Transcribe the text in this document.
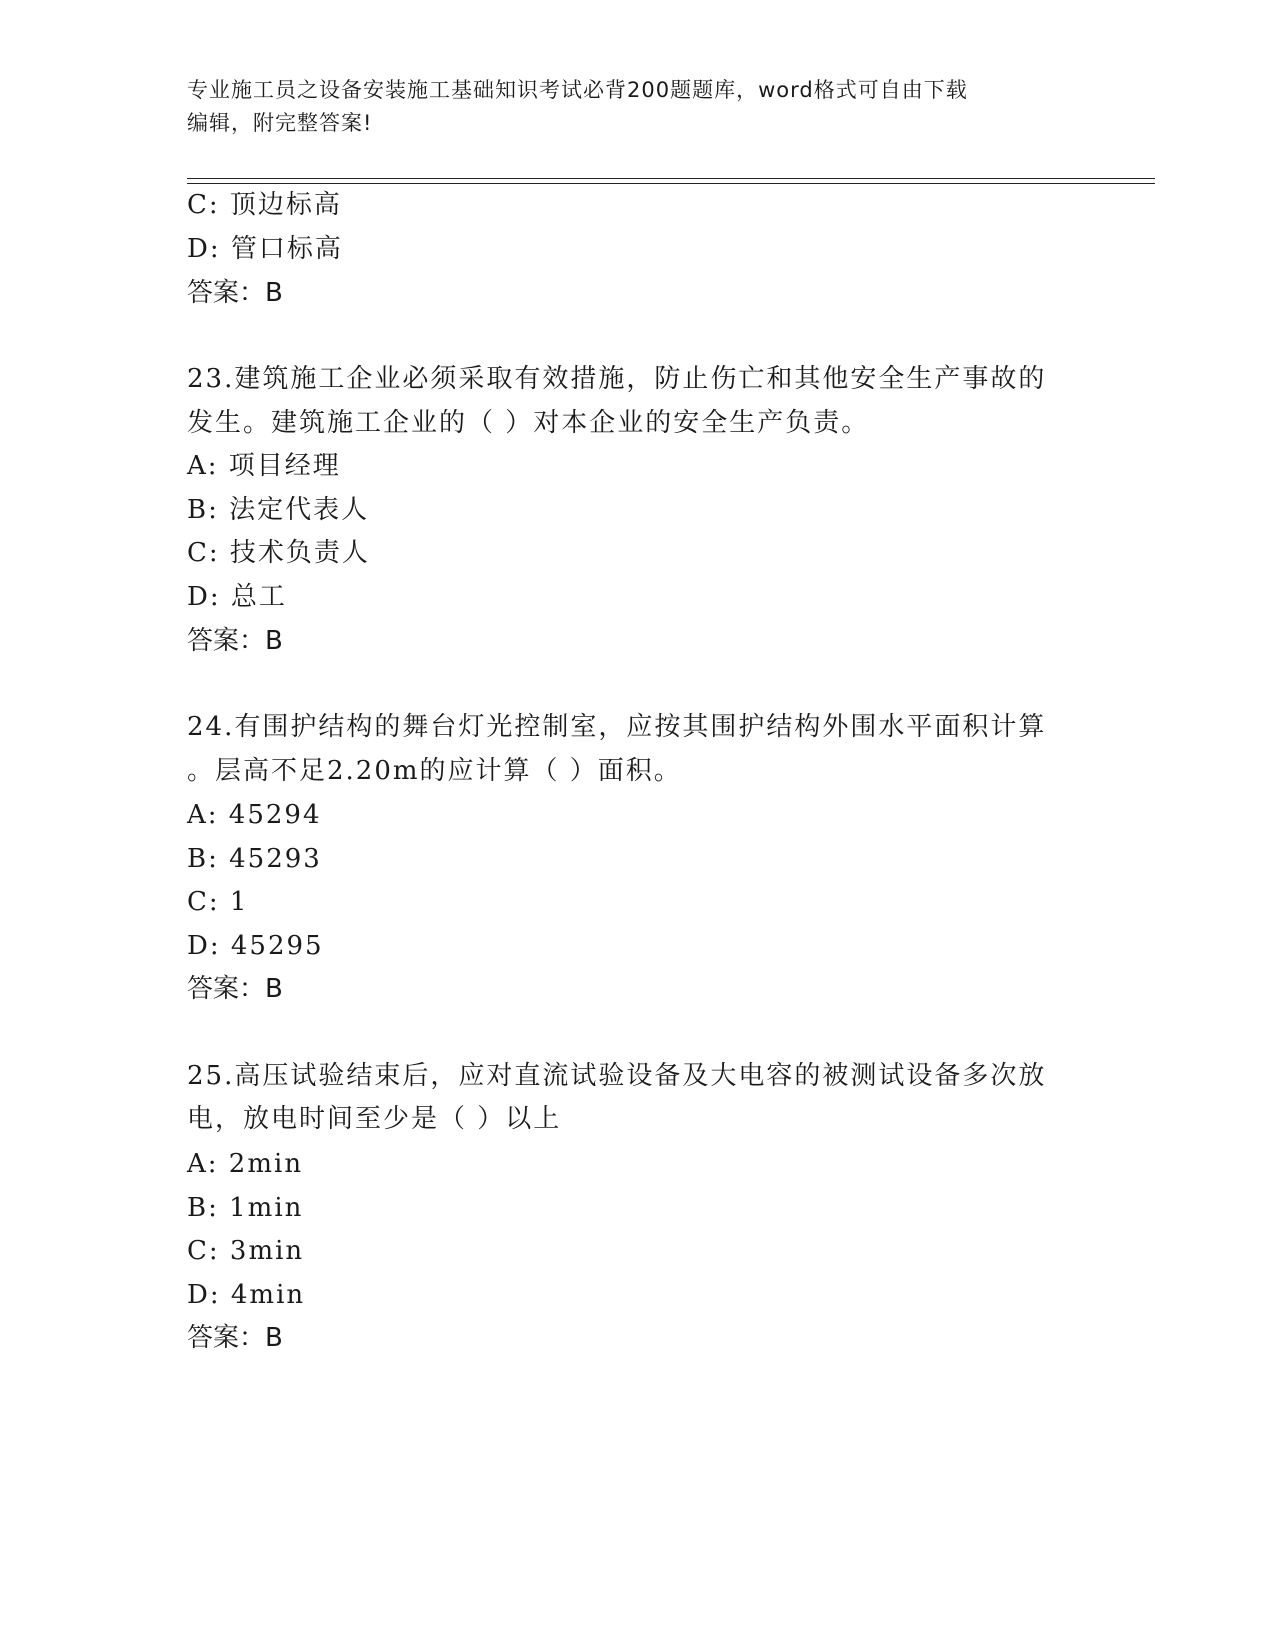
专业施工员之设备安装施工基础知识考试必背200题题库，word格式可自由下载
编辑，附完整答案!
C: 顶边标高
D: 管口标高
答案：B
23.建筑施工企业必须采取有效措施，防止伤亡和其他安全生产事故的
发生。建筑施工企业的（ ）对本企业的安全生产负责。
A: 项目经理
B: 法定代表人
C: 技术负责人
D: 总工
答案：B
24.有围护结构的舞台灯光控制室，应按其围护结构外围水平面积计算
。层高不足2.20m的应计算（ ）面积。
A: 45294
B: 45293
C: 1
D: 45295
答案：B
25.高压试验结束后，应对直流试验设备及大电容的被测试设备多次放
电，放电时间至少是（ ）以上
A: 2min
B: 1min
C: 3min
D: 4min
答案：B
